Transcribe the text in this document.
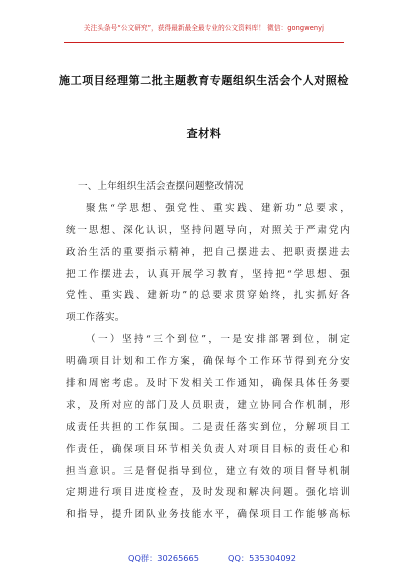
关注头条号“公文研究”，获得最新最全最专业的公文资料库！ 微信：gongwenyj
施工项目经理第二批主题教育专题组织生活会个人对照检
查材料
一、上年组织生活会查摆问题整改情况
聚焦“学思想、强党性、重实践、建新功”总要求，
统一思想、深化认识，坚持问题导向，对照关于严肃党内
政治生活的重要指示精神，把自己摆进去、把职责摆进去
把工作摆进去，认真开展学习教育，坚持把“学思想、强
党性、重实践、建新功”的总要求贯穿始终，扎实抓好各
项工作落实。
（一）坚持“三个到位”，一是安排部署到位，制定
明确项目计划和工作方案，确保每个工作环节得到充分安
排和周密考虑。及时下发相关工作通知，确保具体任务要
求，及所对应的部门及人员职责，建立协同合作机制，形
成责任共担的工作氛围。二是责任落实到位，分解项目工
作责任，确保项目环节相关负责人对项目目标的责任心和
担当意识。三是督促指导到位，建立有效的项目督导机制
定期进行项目进度检查，及时发现和解决问题。强化培训
和指导，提升团队业务技能水平，确保项目工作能够高标
QQ群：30265665	QQ：535304092
